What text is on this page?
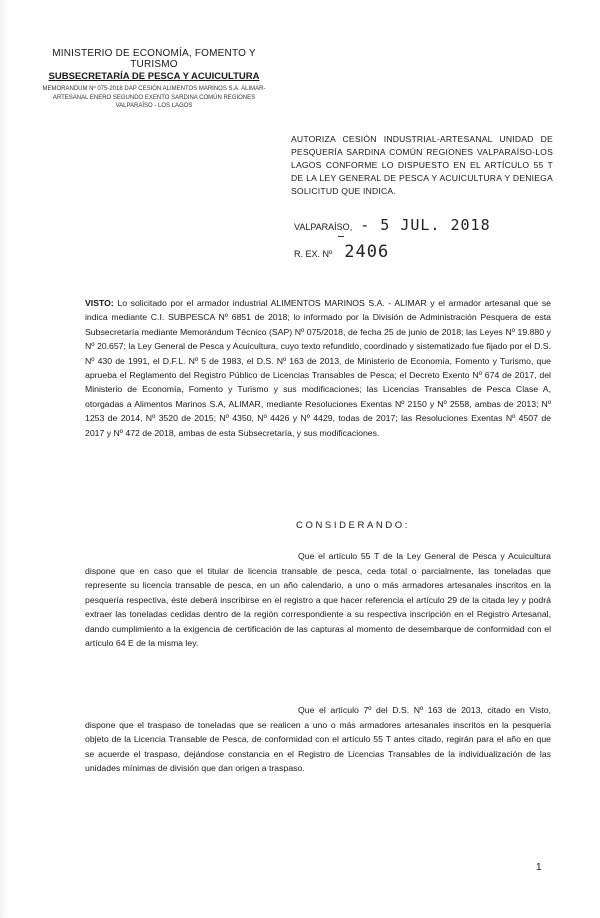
MINISTERIO DE ECONOMÍA, FOMENTO Y TURISMO
SUBSECRETARÍA DE PESCA Y ACUICULTURA
MEMORANDUM Nº 075-2018 DAP CESIÓN ALIMENTOS MARINOS S.A. ALIMAR-
ARTESANAL ENERO SEGUNDO EXENTO SARDINA COMÚN REGIONES
VALPARAÍSO - LOS LAGOS
AUTORIZA CESIÓN INDUSTRIAL-ARTESANAL UNIDAD DE PESQUERÍA SARDINA COMÚN REGIONES VALPARAÍSO-LOS LAGOS CONFORME LO DISPUESTO EN EL ARTÍCULO 55 T DE LA LEY GENERAL DE PESCA Y ACUICULTURA Y DENIEGA SOLICITUD QUE INDICA.
VALPARAÍSO, - 5 JUL. 2018
R. EX. Nº 2406
VISTO: Lo solicitado por el armador industrial ALIMENTOS MARINOS S.A. - ALIMAR y el armador artesanal que se indica mediante C.I. SUBPESCA Nº 6851 de 2018; lo informado por la División de Administración Pesquera de esta Subsecretaría mediante Memorándum Técnico (SAP) Nº 075/2018, de fecha 25 de junio de 2018; las Leyes Nº 19.880 y Nº 20.657; la Ley General de Pesca y Acuicultura, cuyo texto refundido, coordinado y sistematizado fue fijado por el D.S. Nº 430 de 1991, el D.F.L. Nº 5 de 1983, el D.S. Nº 163 de 2013, de Ministerio de Economía, Fomento y Turismo, que aprueba el Reglamento del Registro Público de Licencias Transables de Pesca; el Decreto Exento Nº 674 de 2017, del Ministerio de Economía, Fomento y Turismo y sus modificaciones; las Licencias Transables de Pesca Clase A, otorgadas a Alimentos Marinos S.A, ALIMAR, mediante Resoluciones Exentas Nº 2150 y Nº 2558, ambas de 2013; Nº 1253 de 2014, Nº 3520 de 2015; Nº 4350, Nº 4426 y Nº 4429, todas de 2017; las Resoluciones Exentas Nº 4507 de 2017 y Nº 472 de 2018, ambas de esta Subsecretaría, y sus modificaciones.
CONSIDERANDO:
Que el artículo 55 T de la Ley General de Pesca y Acuicultura dispone que en caso que el titular de licencia transable de pesca, ceda total o parcialmente, las toneladas que represente su licencia transable de pesca, en un año calendario, a uno o más armadores artesanales inscritos en la pesquería respectiva, éste deberá inscribirse en el registro a que hacer referencia el artículo 29 de la citada ley y podrá extraer las toneladas cedidas dentro de la región correspondiente a su respectiva inscripción en el Registro Artesanal, dando cumplimiento a la exigencia de certificación de las capturas al momento de desembarque de conformidad con el artículo 64 E de la misma ley.
Que el artículo 7º del D.S. Nº 163 de 2013, citado en Visto, dispone que el traspaso de toneladas que se realicen a uno o más armadores artesanales inscritos en la pesquería objeto de la Licencia Transable de Pesca, de conformidad con el artículo 55 T antes citado, regirán para el año en que se acuerde el traspaso, dejándose constancia en el Registro de Licencias Transables de la individualización de las unidades mínimas de división que dan origen a traspaso.
1
